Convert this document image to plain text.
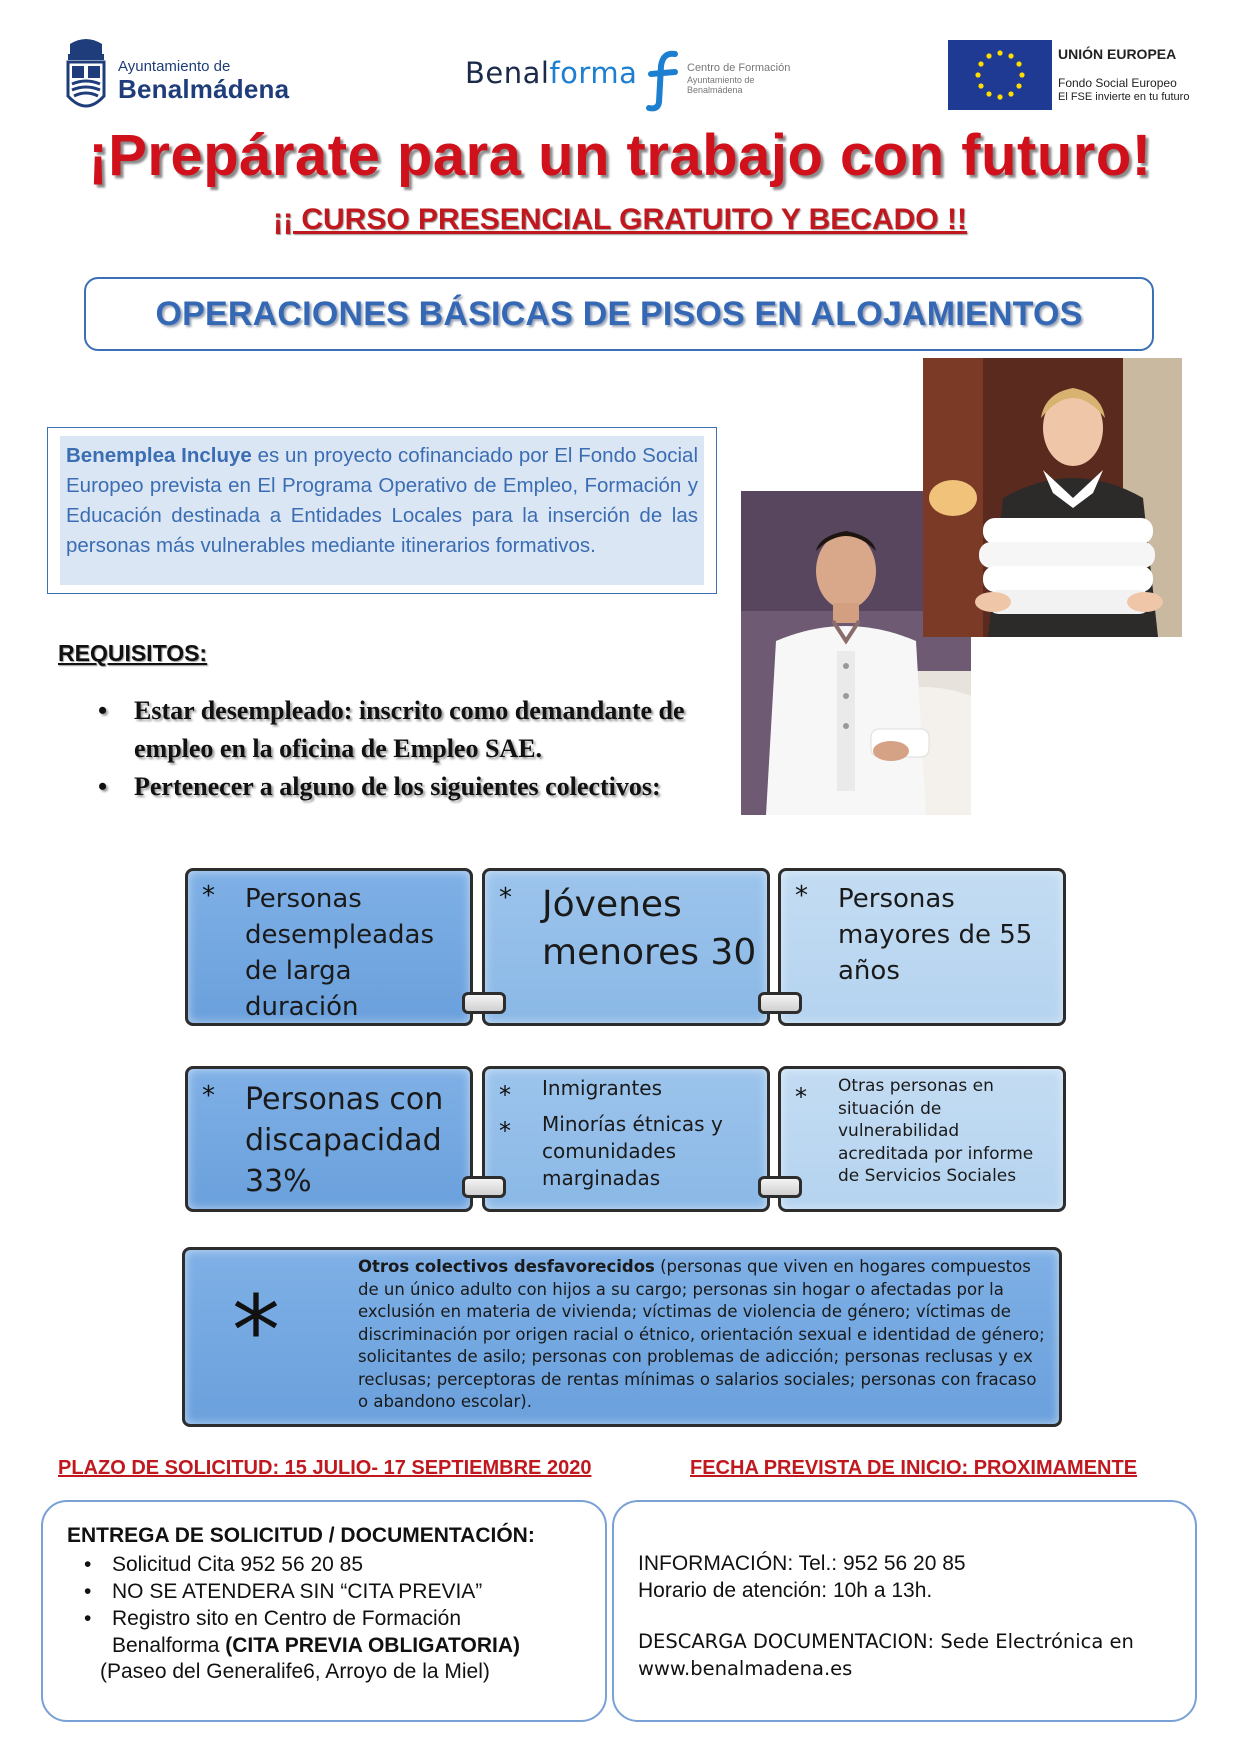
Ayuntamiento de
Benalmádena	Benalforma	Centro de Formación
Ayuntamiento de Benalmádena
UNIÓN EUROPEA
Fondo Social Europeo
El FSE invierte en tu futuro
¡Prepárate para un trabajo con futuro!
¡¡ CURSO PRESENCIAL GRATUITO Y BECADO !!
OPERACIONES BÁSICAS DE PISOS EN ALOJAMIENTOS
Benemplea Incluye es un proyecto cofinanciado por El Fondo Social Europeo prevista en El Programa Operativo de Empleo, Formación y Educación destinada a Entidades Locales para la inserción de las personas más vulnerables mediante itinerarios formativos.
REQUISITOS:
• Estar desempleado: inscrito como demandante de empleo en la oficina de Empleo SAE.
• Pertenecer a alguno de los siguientes colectivos:
* Personas desempleadas de larga duración
* Jóvenes menores 30
* Personas mayores de 55 años
* Personas con discapacidad 33%
* Inmigrantes
* Minorías étnicas y comunidades marginadas
* Otras personas en situación de vulnerabilidad acreditada por informe de Servicios Sociales
*
Otros colectivos desfavorecidos (personas que viven en hogares compuestos de un único adulto con hijos a su cargo; personas sin hogar o afectadas por la exclusión en materia de vivienda; víctimas de violencia de género; víctimas de discriminación por origen racial o étnico, orientación sexual e identidad de género; solicitantes de asilo; personas con problemas de adicción; personas reclusas y ex reclusas; perceptoras de rentas mínimas o salarios sociales; personas con fracaso o abandono escolar).
PLAZO DE SOLICITUD: 15 JULIO- 17 SEPTIEMBRE 2020	FECHA PREVISTA DE INICIO: PROXIMAMENTE
ENTREGA DE SOLICITUD / DOCUMENTACIÓN:
• Solicitud Cita 952 56 20 85
• NO SE ATENDERA SIN “CITA PREVIA”
• Registro sito en Centro de Formación
Benalforma (CITA PREVIA OBLIGATORIA)
(Paseo del Generalife6, Arroyo de la Miel)
INFORMACIÓN: Tel.: 952 56 20 85
Horario de atención: 10h a 13h.
DESCARGA DOCUMENTACION: Sede Electrónica en
www.benalmadena.es
